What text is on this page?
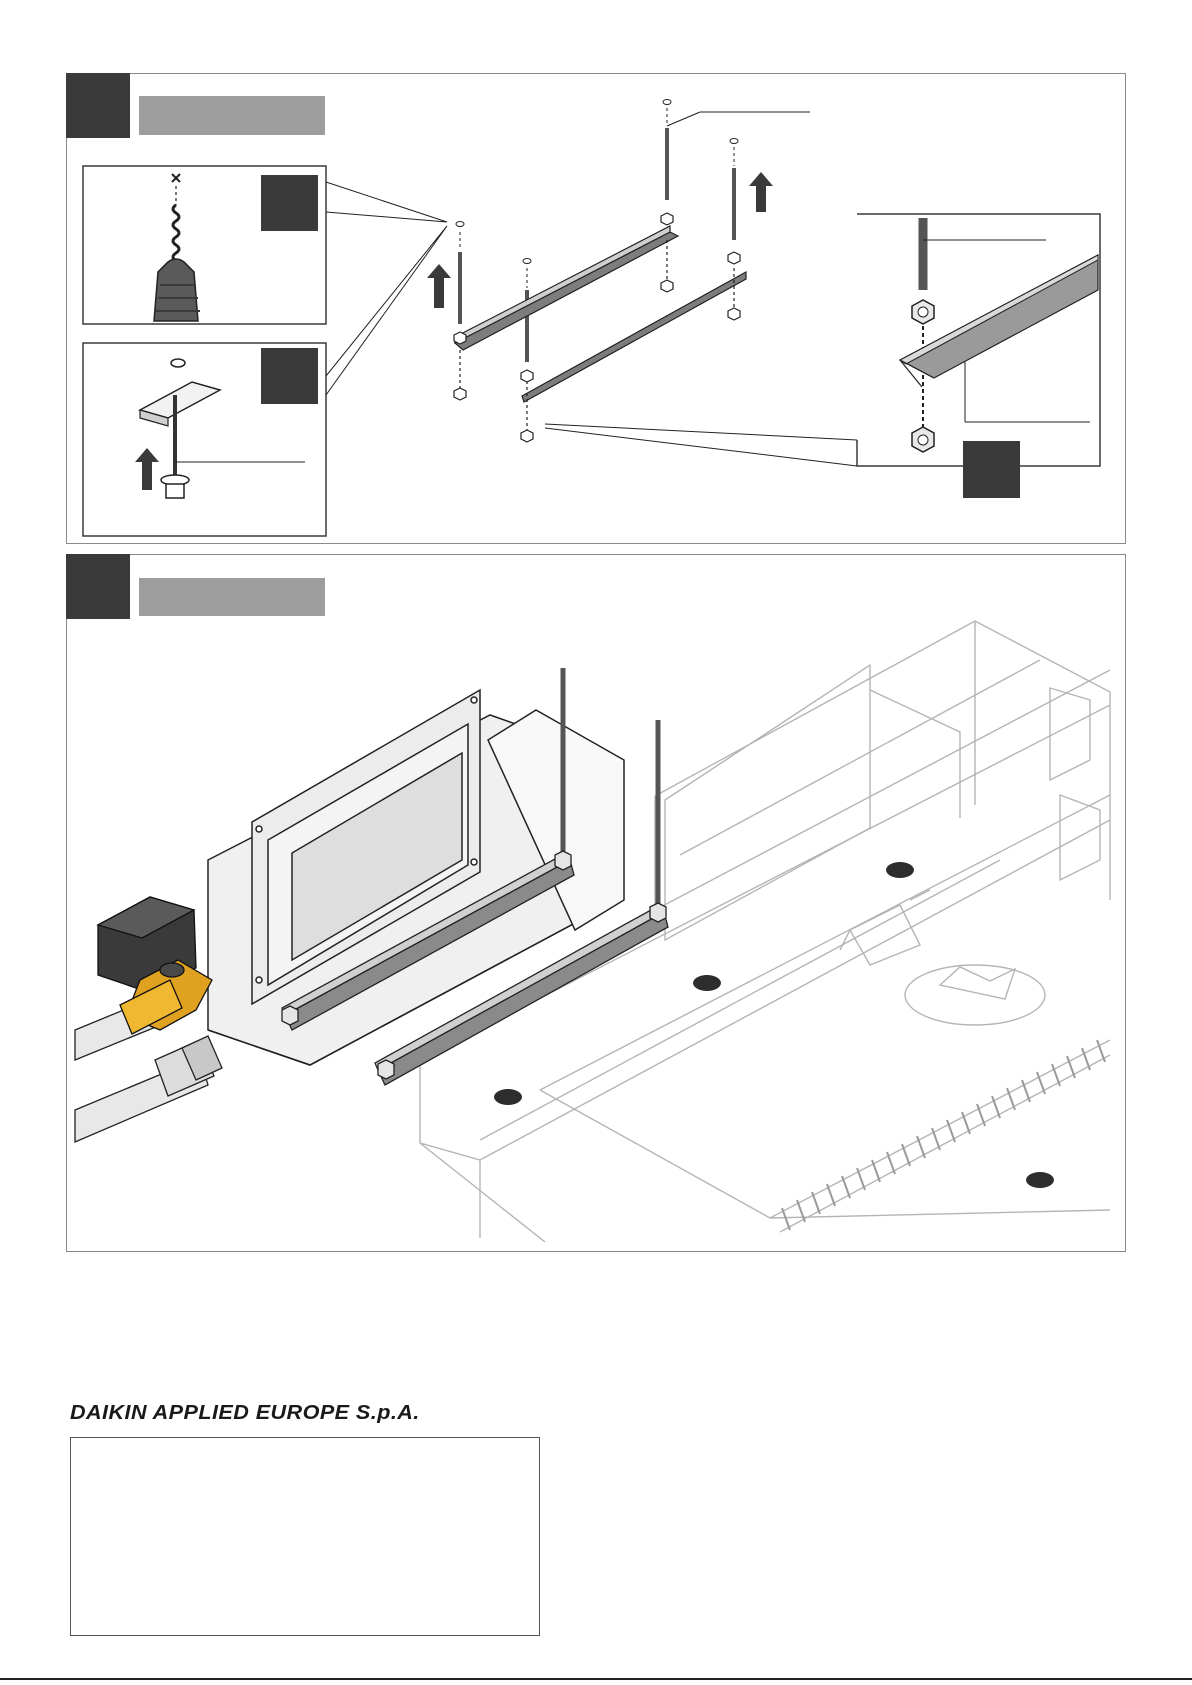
DAIKIN APPLIED EUROPE S.p.A.
